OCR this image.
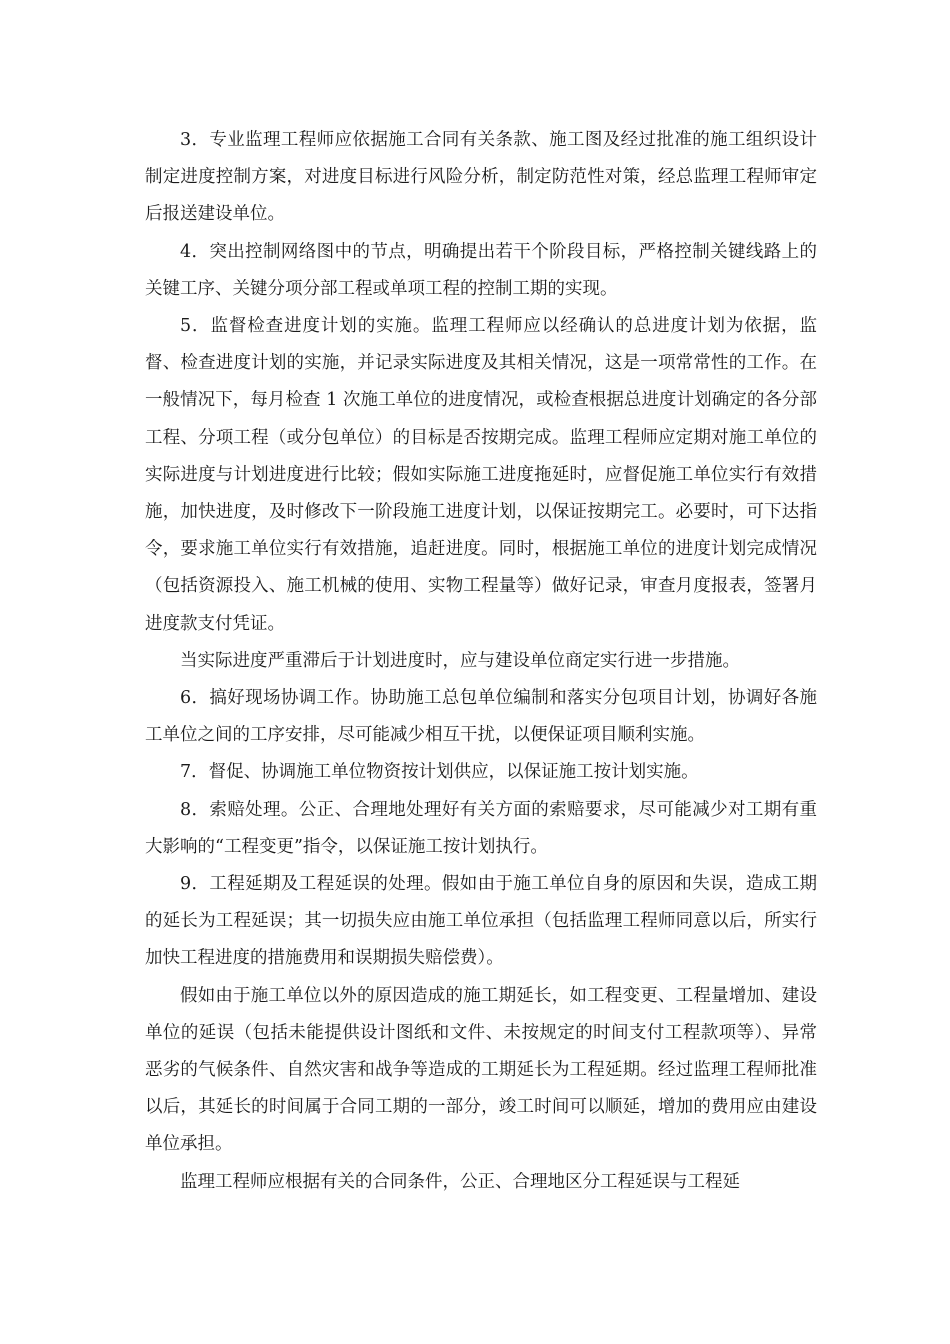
3．专业监理工程师应依据施工合同有关条款、施工图及经过批准的施工组织设计制定进度控制方案，对进度目标进行风险分析，制定防范性对策，经总监理工程师审定后报送建设单位。

4．突出控制网络图中的节点，明确提出若干个阶段目标，严格控制关键线路上的关键工序、关键分项分部工程或单项工程的控制工期的实现。

5．监督检查进度计划的实施。监理工程师应以经确认的总进度计划为依据，监督、检查进度计划的实施，并记录实际进度及其相关情况，这是一项常常性的工作。在一般情况下，每月检查 1 次施工单位的进度情况，或检查根据总进度计划确定的各分部工程、分项工程（或分包单位）的目标是否按期完成。监理工程师应定期对施工单位的实际进度与计划进度进行比较；假如实际施工进度拖延时，应督促施工单位实行有效措施，加快进度，及时修改下一阶段施工进度计划，以保证按期完工。必要时，可下达指令，要求施工单位实行有效措施，追赶进度。同时，根据施工单位的进度计划完成情况（包括资源投入、施工机械的使用、实物工程量等）做好记录，审查月度报表，签署月进度款支付凭证。

当实际进度严重滞后于计划进度时，应与建设单位商定实行进一步措施。

6．搞好现场协调工作。协助施工总包单位编制和落实分包项目计划，协调好各施工单位之间的工序安排，尽可能减少相互干扰，以便保证项目顺利实施。

7．督促、协调施工单位物资按计划供应，以保证施工按计划实施。

8．索赔处理。公正、合理地处理好有关方面的索赔要求，尽可能减少对工期有重大影响的“工程变更”指令，以保证施工按计划执行。

9．工程延期及工程延误的处理。假如由于施工单位自身的原因和失误，造成工期的延长为工程延误；其一切损失应由施工单位承担（包括监理工程师同意以后，所实行加快工程进度的措施费用和误期损失赔偿费）。

假如由于施工单位以外的原因造成的施工期延长，如工程变更、工程量增加、建设单位的延误（包括未能提供设计图纸和文件、未按规定的时间支付工程款项等）、异常恶劣的气候条件、自然灾害和战争等造成的工期延长为工程延期。经过监理工程师批准以后，其延长的时间属于合同工期的一部分，竣工时间可以顺延，增加的费用应由建设单位承担。

监理工程师应根据有关的合同条件，公正、合理地区分工程延误与工程延
